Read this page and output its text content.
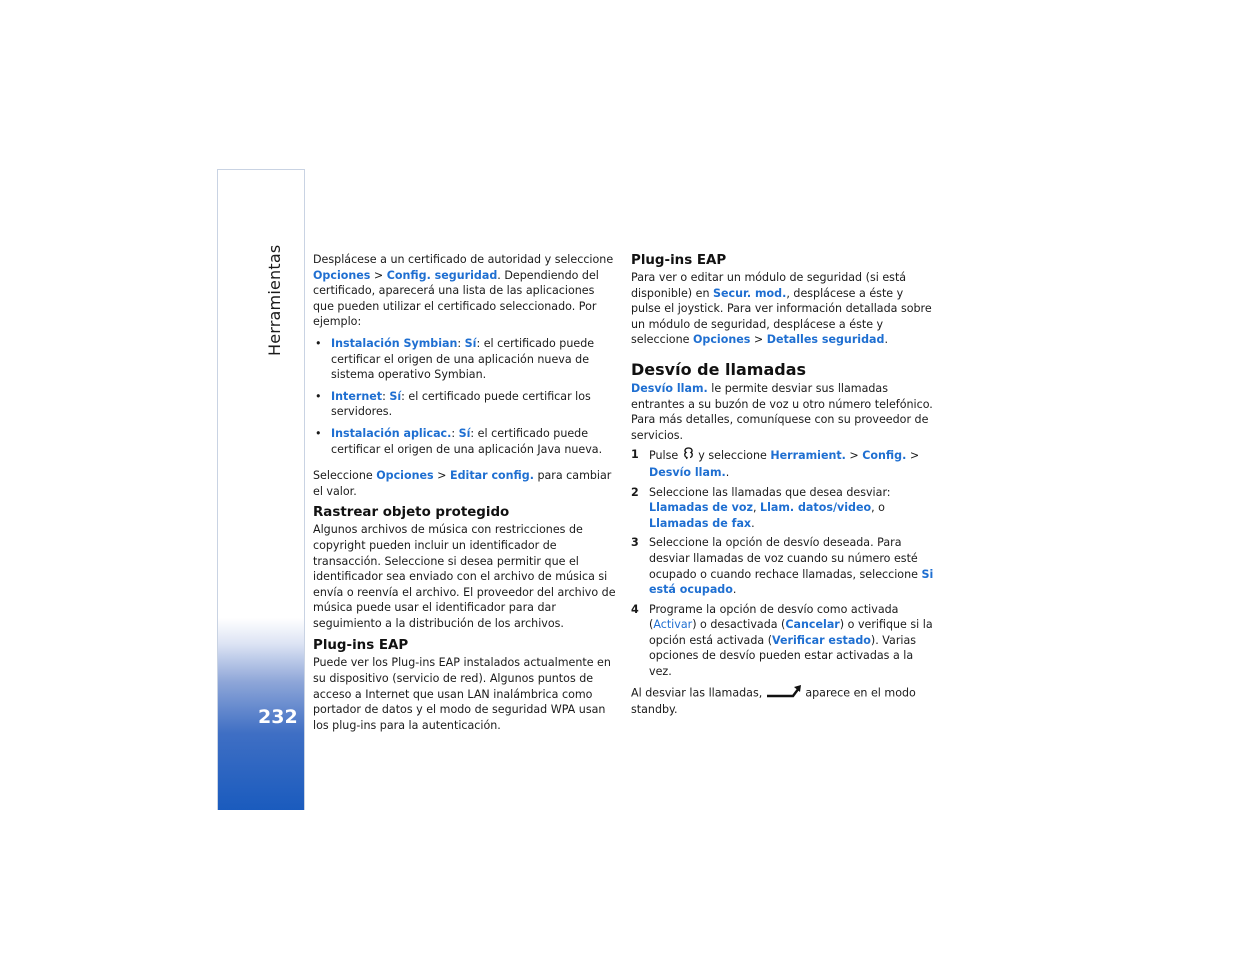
Herramientas
232

Desplácese a un certificado de autoridad y seleccione Opciones > Config. seguridad. Dependiendo del certificado, aparecerá una lista de las aplicaciones que pueden utilizar el certificado seleccionado. Por ejemplo:

• Instalación Symbian: Sí: el certificado puede certificar el origen de una aplicación nueva de sistema operativo Symbian.
• Internet: Sí: el certificado puede certificar los servidores.
• Instalación aplicac.: Sí: el certificado puede certificar el origen de una aplicación Java nueva.

Seleccione Opciones > Editar config. para cambiar el valor.

Rastrear objeto protegido

Algunos archivos de música con restricciones de copyright pueden incluir un identificador de transacción. Seleccione si desea permitir que el identificador sea enviado con el archivo de música si envía o reenvía el archivo. El proveedor del archivo de música puede usar el identificador para dar seguimiento a la distribución de los archivos.

Plug-ins EAP

Puede ver los Plug-ins EAP instalados actualmente en su dispositivo (servicio de red). Algunos puntos de acceso a Internet que usan LAN inalámbrica como portador de datos y el modo de seguridad WPA usan los plug-ins para la autenticación.

Plug-ins EAP

Para ver o editar un módulo de seguridad (si está disponible) en Secur. mod., desplácese a éste y pulse el joystick. Para ver información detallada sobre un módulo de seguridad, desplácese a éste y seleccione Opciones > Detalles seguridad.

Desvío de llamadas

Desvío llam. le permite desviar sus llamadas entrantes a su buzón de voz u otro número telefónico. Para más detalles, comuníquese con su proveedor de servicios.

1 Pulse  y seleccione Herramient. > Config. > Desvío llam..
2 Seleccione las llamadas que desea desviar: Llamadas de voz, Llam. datos/video, o Llamadas de fax.
3 Seleccione la opción de desvío deseada. Para desviar llamadas de voz cuando su número esté ocupado o cuando rechace llamadas, seleccione Si está ocupado.
4 Programe la opción de desvío como activada (Activar) o desactivada (Cancelar) o verifique si la opción está activada (Verificar estado). Varias opciones de desvío pueden estar activadas a la vez.

Al desviar las llamadas,	aparece en el modo standby.
